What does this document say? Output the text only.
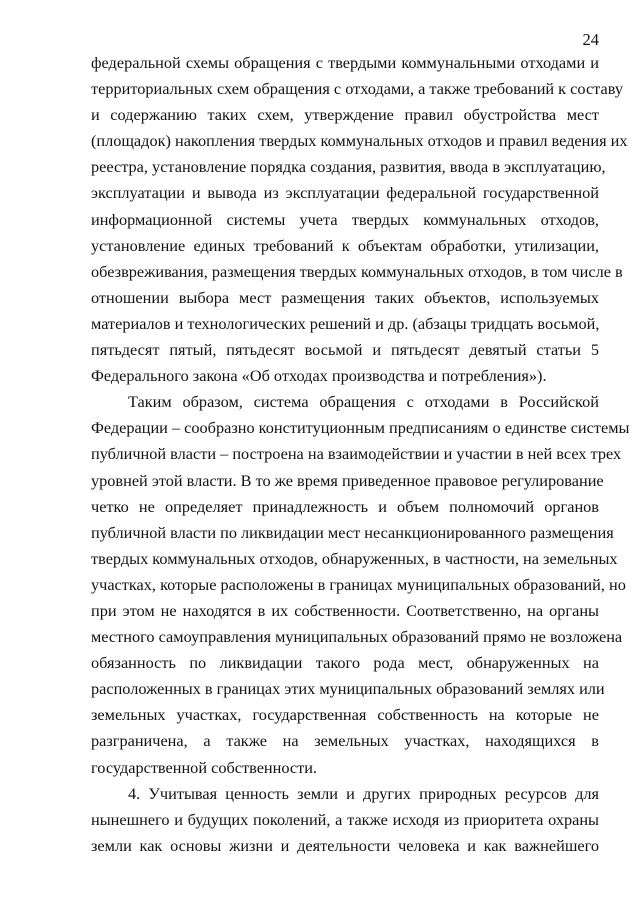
24
федеральной схемы обращения с твердыми коммунальными отходами и
территориальных схем обращения с отходами, а также требований к составу
и содержанию таких схем, утверждение правил обустройства мест
(площадок) накопления твердых коммунальных отходов и правил ведения их
реестра, установление порядка создания, развития, ввода в эксплуатацию,
эксплуатации и вывода из эксплуатации федеральной государственной
информационной системы учета твердых коммунальных отходов,
установление единых требований к объектам обработки, утилизации,
обезвреживания, размещения твердых коммунальных отходов, в том числе в
отношении выбора мест размещения таких объектов, используемых
материалов и технологических решений и др. (абзацы тридцать восьмой,
пятьдесят пятый, пятьдесят восьмой и пятьдесят девятый статьи 5
Федерального закона «Об отходах производства и потребления»).
Таким образом, система обращения с отходами в Российской
Федерации – сообразно конституционным предписаниям о единстве системы
публичной власти – построена на взаимодействии и участии в ней всех трех
уровней этой власти. В то же время приведенное правовое регулирование
четко не определяет принадлежность и объем полномочий органов
публичной власти по ликвидации мест несанкционированного размещения
твердых коммунальных отходов, обнаруженных, в частности, на земельных
участках, которые расположены в границах муниципальных образований, но
при этом не находятся в их собственности. Соответственно, на органы
местного самоуправления муниципальных образований прямо не возложена
обязанность по ликвидации такого рода мест, обнаруженных на
расположенных в границах этих муниципальных образований землях или
земельных участках, государственная собственность на которые не
разграничена, а также на земельных участках, находящихся в
государственной собственности.
4. Учитывая ценность земли и других природных ресурсов для
нынешнего и будущих поколений, а также исходя из приоритета охраны
земли как основы жизни и деятельности человека и как важнейшего
